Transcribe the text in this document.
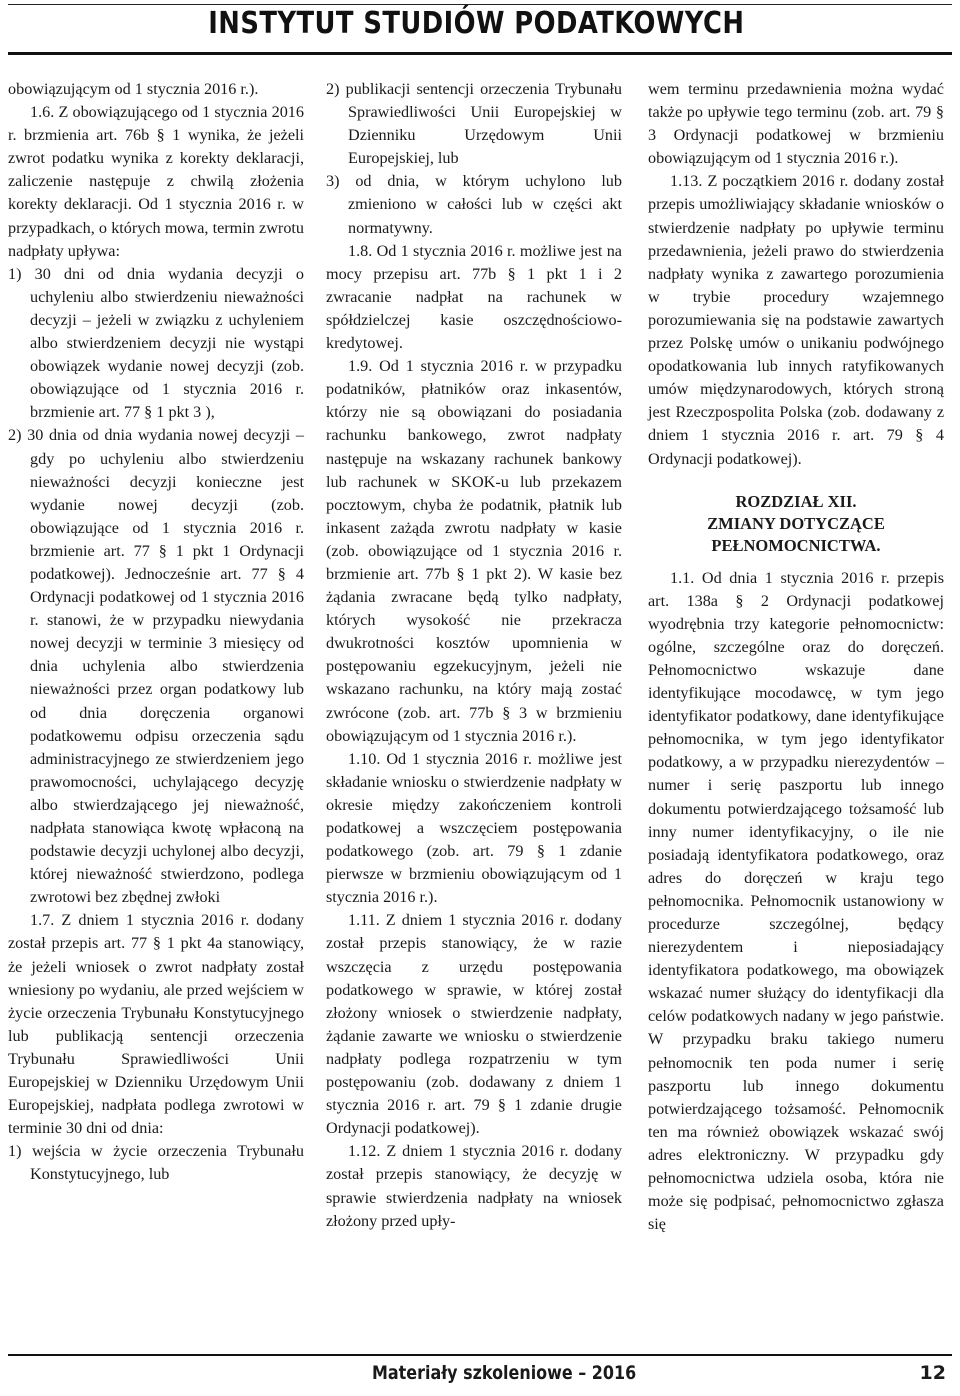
INSTYTUT STUDIÓW PODATKOWYCH

obowiązującym od 1 stycznia 2016 r.).

1.6. Z obowiązującego od 1 stycznia 2016 r. brzmienia art. 76b § 1 wynika, że jeżeli zwrot podatku wynika z korekty deklaracji, zaliczenie następuje z chwilą złożenia korekty deklaracji. Od 1 stycznia 2016 r. w przypadkach, o których mowa, termin zwrotu nadpłaty upływa:

1) 30 dni od dnia wydania decyzji o uchyleniu albo stwierdzeniu nieważności decyzji – jeżeli w związku z uchyleniem albo stwierdzeniem decyzji nie wystąpi obowiązek wydanie nowej decyzji (zob. obowiązujące od 1 stycznia 2016 r. brzmienie art. 77 § 1 pkt 3 ),

2) 30 dnia od dnia wydania nowej decyzji – gdy po uchyleniu albo stwierdzeniu nieważności decyzji konieczne jest wydanie nowej decyzji (zob. obowiązujące od 1 stycznia 2016 r. brzmienie art. 77 § 1 pkt 1 Ordynacji podatkowej). Jednocześnie art. 77 § 4 Ordynacji podatkowej od 1 stycznia 2016 r. stanowi, że w przypadku niewydania nowej decyzji w terminie 3 miesięcy od dnia uchylenia albo stwierdzenia nieważności przez organ podatkowy lub od dnia doręczenia organowi podatkowemu odpisu orzeczenia sądu administracyjnego ze stwierdzeniem jego prawomocności, uchylającego decyzję albo stwierdzającego jej nieważność, nadpłata stanowiąca kwotę wpłaconą na podstawie decyzji uchylonej albo decyzji, której nieważność stwierdzono, podlega zwrotowi bez zbędnej zwłoki

1.7. Z dniem 1 stycznia 2016 r. dodany został przepis art. 77 § 1 pkt 4a stanowiący, że jeżeli wniosek o zwrot nadpłaty został wniesiony po wydaniu, ale przed wejściem w życie orzeczenia Trybunału Konstytucyjnego lub publikacją sentencji orzeczenia Trybunału Sprawiedliwości Unii Europejskiej w Dzienniku Urzędowym Unii Europejskiej, nadpłata podlega zwrotowi w terminie 30 dni od dnia:

1) wejścia w życie orzeczenia Trybunału Konstytucyjnego, lub

2) publikacji sentencji orzeczenia Trybunału Sprawiedliwości Unii Europejskiej w Dzienniku Urzędowym Unii Europejskiej, lub

3) od dnia, w którym uchylono lub zmieniono w całości lub w części akt normatywny.

1.8. Od 1 stycznia 2016 r. możliwe jest na mocy przepisu art. 77b § 1 pkt 1 i 2 zwracanie nadpłat na rachunek w spółdzielczej kasie oszczędnościowo-kredytowej.

1.9. Od 1 stycznia 2016 r. w przypadku podatników, płatników oraz inkasentów, którzy nie są obowiązani do posiadania rachunku bankowego, zwrot nadpłaty następuje na wskazany rachunek bankowy lub rachunek w SKOK-u lub przekazem pocztowym, chyba że podatnik, płatnik lub inkasent zażąda zwrotu nadpłaty w kasie (zob. obowiązujące od 1 stycznia 2016 r. brzmienie art. 77b § 1 pkt 2). W kasie bez żądania zwracane będą tylko nadpłaty, których wysokość nie przekracza dwukrotności kosztów upomnienia w postępowaniu egzekucyjnym, jeżeli nie wskazano rachunku, na który mają zostać zwrócone (zob. art. 77b § 3 w brzmieniu obowiązującym od 1 stycznia 2016 r.).

1.10. Od 1 stycznia 2016 r. możliwe jest składanie wniosku o stwierdzenie nadpłaty w okresie między zakończeniem kontroli podatkowej a wszczęciem postępowania podatkowego (zob. art. 79 § 1 zdanie pierwsze w brzmieniu obowiązującym od 1 stycznia 2016 r.).

1.11. Z dniem 1 stycznia 2016 r. dodany został przepis stanowiący, że w razie wszczęcia z urzędu postępowania podatkowego w sprawie, w której został złożony wniosek o stwierdzenie nadpłaty, żądanie zawarte we wniosku o stwierdzenie nadpłaty podlega rozpatrzeniu w tym postępowaniu (zob. dodawany z dniem 1 stycznia 2016 r. art. 79 § 1 zdanie drugie Ordynacji podatkowej).

1.12. Z dniem 1 stycznia 2016 r. dodany został przepis stanowiący, że decyzję w sprawie stwierdzenia nadpłaty na wniosek złożony przed upły-

wem terminu przedawnienia można wydać także po upływie tego terminu (zob. art. 79 § 3 Ordynacji podatkowej w brzmieniu obowiązującym od 1 stycznia 2016 r.).

1.13. Z początkiem 2016 r. dodany został przepis umożliwiający składanie wniosków o stwierdzenie nadpłaty po upływie terminu przedawnienia, jeżeli prawo do stwierdzenia nadpłaty wynika z zawartego porozumienia w trybie procedury wzajemnego porozumiewania się na podstawie zawartych przez Polskę umów o unikaniu podwójnego opodatkowania lub innych ratyfikowanych umów międzynarodowych, których stroną jest Rzeczpospolita Polska (zob. dodawany z dniem 1 stycznia 2016 r. art. 79 § 4 Ordynacji podatkowej).

ROZDZIAŁ XII.
ZMIANY DOTYCZĄCE
PEŁNOMOCNICTWA.

1.1. Od dnia 1 stycznia 2016 r. przepis art. 138a § 2 Ordynacji podatkowej wyodrębnia trzy kategorie pełnomocnictw: ogólne, szczególne oraz do doręczeń. Pełnomocnictwo wskazuje dane identyfikujące mocodawcę, w tym jego identyfikator podatkowy, dane identyfikujące pełnomocnika, w tym jego identyfikator podatkowy, a w przypadku nierezydentów – numer i serię paszportu lub innego dokumentu potwierdzającego tożsamość lub inny numer identyfikacyjny, o ile nie posiadają identyfikatora podatkowego, oraz adres do doręczeń w kraju tego pełnomocnika. Pełnomocnik ustanowiony w procedurze szczególnej, będący nierezydentem i nieposiadający identyfikatora podatkowego, ma obowiązek wskazać numer służący do identyfikacji dla celów podatkowych nadany w jego państwie. W przypadku braku takiego numeru pełnomocnik ten poda numer i serię paszportu lub innego dokumentu potwierdzającego tożsamość. Pełnomocnik ten ma również obowiązek wskazać swój adres elektroniczny. W przypadku gdy pełnomocnictwa udziela osoba, która nie może się podpisać, pełnomocnictwo zgłasza się

Materiały szkoleniowe – 2016	12
